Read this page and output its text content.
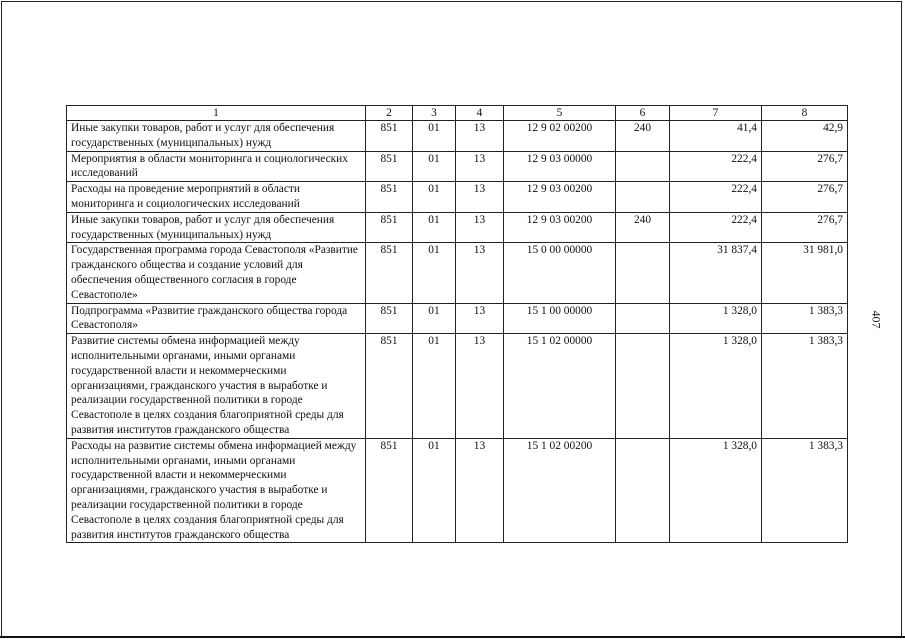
1	2	3	4	5	6	7	8
Иные закупки товаров, работ и услуг для обеспечения государственных (муниципальных) нужд	851	01	13	12 9 02 00200	240	41,4	42,9
Мероприятия в области мониторинга и социологических исследований	851	01	13	12 9 03 00000		222,4	276,7
Расходы на проведение мероприятий в области мониторинга и социологических исследований	851	01	13	12 9 03 00200		222,4	276,7
Иные закупки товаров, работ и услуг для обеспечения государственных (муниципальных) нужд	851	01	13	12 9 03 00200	240	222,4	276,7
Государственная программа города Севастополя «Развитие гражданского общества и создание условий для обеспечения общественного согласия в городе Севастополе»	851	01	13	15 0 00 00000		31 837,4	31 981,0
Подпрограмма «Развитие гражданского общества города Севастополя»	851	01	13	15 1 00 00000		1 328,0	1 383,3
Развитие системы обмена информацией между исполнительными органами, иными органами государственной власти и некоммерческими организациями, гражданского участия в выработке и реализации государственной политики в городе Севастополе в целях создания благоприятной среды для развития институтов гражданского общества	851	01	13	15 1 02 00000		1 328,0	1 383,3
Расходы на развитие системы обмена информацией между исполнительными органами, иными органами государственной власти и некоммерческими организациями, гражданского участия в выработке и реализации государственной политики в городе Севастополе в целях создания благоприятной среды для развития институтов гражданского общества	851	01	13	15 1 02 00200		1 328,0	1 383,3
407
